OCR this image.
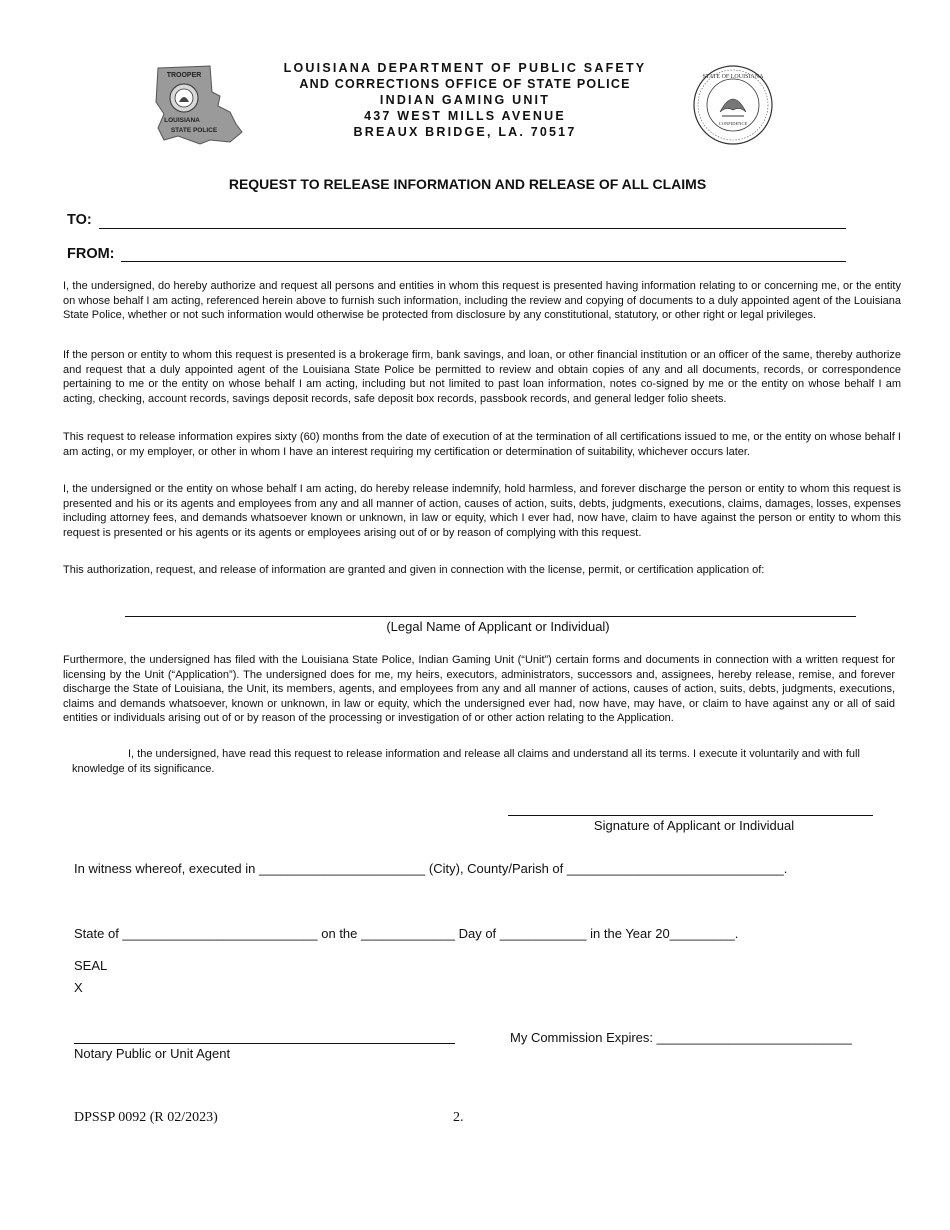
TROOPER
LOUISIANA
STATE POLICE
LOUISIANA DEPARTMENT OF PUBLIC SAFETY
AND CORRECTIONS OFFICE OF STATE POLICE
INDIAN GAMING UNIT
437 WEST MILLS AVENUE
BREAUX BRIDGE, LA. 70517
STATE OF LOUISIANA
CONFIDENCE
REQUEST TO RELEASE INFORMATION AND RELEASE OF ALL CLAIMS
TO:
FROM:
I, the undersigned, do hereby authorize and request all persons and entities in whom this request is presented having information relating to or concerning me, or the entity on whose behalf I am acting, referenced herein above to furnish such information, including the review and copying of documents to a duly appointed agent of the Louisiana State Police, whether or not such information would otherwise be protected from disclosure by any constitutional, statutory, or other right or legal privileges.
If the person or entity to whom this request is presented is a brokerage firm, bank savings, and loan, or other financial institution or an officer of the same, thereby authorize and request that a duly appointed agent of the Louisiana State Police be permitted to review and obtain copies of any and all documents, records, or correspondence pertaining to me or the entity on whose behalf I am acting, including but not limited to past loan information, notes co-signed by me or the entity on whose behalf I am acting, checking, account records, savings deposit records, safe deposit box records, passbook records, and general ledger folio sheets.
This request to release information expires sixty (60) months from the date of execution of at the termination of all certifications issued to me, or the entity on whose behalf I am acting, or my employer, or other in whom I have an interest requiring my certification or determination of suitability, whichever occurs later.
I, the undersigned or the entity on whose behalf I am acting, do hereby release indemnify, hold harmless, and forever discharge the person or entity to whom this request is presented and his or its agents and employees from any and all manner of action, causes of action, suits, debts, judgments, executions, claims, damages, losses, expenses including attorney fees, and demands whatsoever known or unknown, in law or equity, which I ever had, now have, claim to have against the person or entity to whom this request is presented or his agents or its agents or employees arising out of or by reason of complying with this request.
This authorization, request, and release of information are granted and given in connection with the license, permit, or certification application of:
(Legal Name of Applicant or Individual)
Furthermore, the undersigned has filed with the Louisiana State Police, Indian Gaming Unit (“Unit”) certain forms and documents in connection with a written request for licensing by the Unit (“Application”). The undersigned does for me, my heirs, executors, administrators, successors and, assignees, hereby release, remise, and forever discharge the State of Louisiana, the Unit, its members, agents, and employees from any and all manner of actions, causes of action, suits, debts, judgments, executions, claims and demands whatsoever, known or unknown, in law or equity, which the undersigned ever had, now have, may have, or claim to have against any or all of said entities or individuals arising out of or by reason of the processing or investigation of or other action relating to the Application.
I, the undersigned, have read this request to release information and release all claims and understand all its terms. I execute it voluntarily and with full knowledge of its significance.
Signature of Applicant or Individual
In witness whereof, executed in _______________________ (City), County/Parish of ______________________________.
State of ___________________________ on the _____________ Day of ____________ in the Year 20_________.
SEAL
X
Notary Public or Unit Agent
My Commission Expires: ___________________________
DPSSP 0092 (R 02/2023)	2.
